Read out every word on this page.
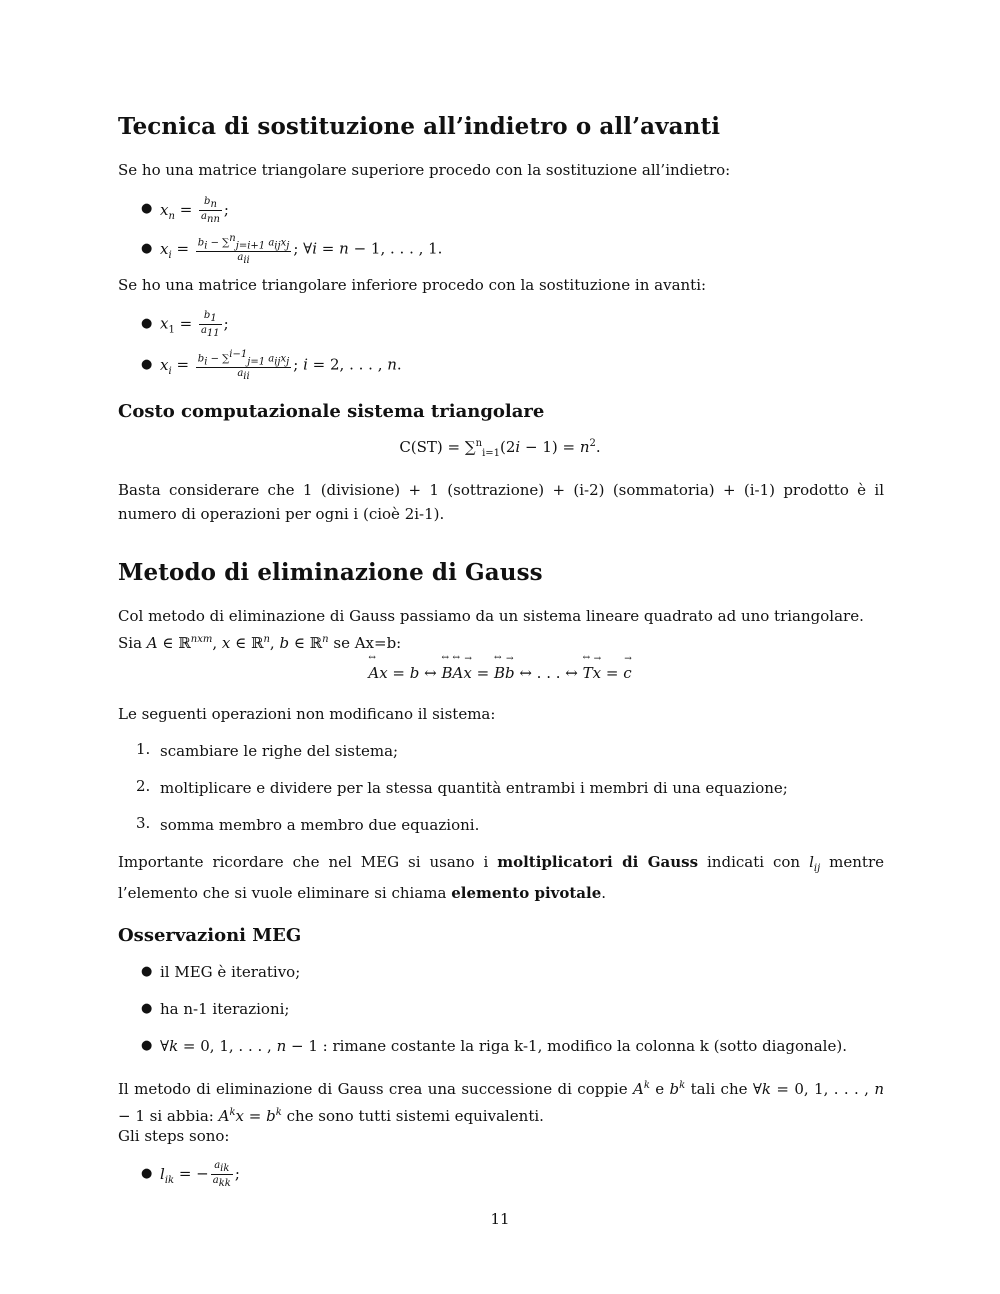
Tecnica di sostituzione all’indietro o all’avanti

Se ho una matrice triangolare superiore procedo con la sostituzione all’indietro:

● $x_n = \frac{b_n}{a_{nn}}$ ;
● $x_i = \frac{b_i - \sum^n_{j=i+1} a_{ij}x_j}{a_{ii}}$ ; ∀i = n − 1, . . . , 1.

Se ho una matrice triangolare inferiore procedo con la sostituzione in avanti:

● $x_1 = \frac{b_1}{a_{11}}$ ;
● $x_i = \frac{b_i - \sum^{i-1}_{j=1} a_{ij}x_j}{a_{ii}}$ ; i = 2, . . . , n.
Costo computazionale sistema triangolare
$C(ST) = \sum^n_{i=1}(2i - 1) = n^2$.

Basta considerare che 1 (divisione) + 1 (sottrazione) + (i-2) (sommatoria) + (i-1) prodotto è il numero di operazioni per ogni i (cioè 2i-1).

Metodo di eliminazione di Gauss

Col metodo di eliminazione di Gauss passiamo da un sistema lineare quadrato ad uno triangolare.

Sia A ∈ ℝ$^{nxm}$, x ∈ ℝ$^n$, b ∈ ℝ$^n$ se Ax=b:
↔ Ax = b ↔ ↔ B↔ A→ x = ↔ B→ b ↔ . . . ↔ ↔ T→ x = → c

Le seguenti operazioni non modificano il sistema:

1. scambiare le righe del sistema;
2. moltiplicare e dividere per la stessa quantità entrambi i membri di una equazione;
3. somma membro a membro due equazioni.

Importante ricordare che nel MEG si usano i moltiplicatori di Gauss indicati con $l_{ij}$ mentre l’elemento che si vuole eliminare si chiama elemento pivotale.

Osservazioni MEG
● il MEG è iterativo;
● ha n-1 iterazioni;
● ∀k = 0, 1, . . . , n − 1 : rimane costante la riga k-1, modifico la colonna k (sotto diagonale).

Il metodo di eliminazione di Gauss crea una successione di coppie $A^k$ e $b^k$ tali che ∀k = 0, 1, . . . , n − 1 si abbia: $A^kx = b^k$ che sono tutti sistemi equivalenti.

Gli steps sono:

● $l_{ik}$ = − $\frac{a_{ik}}{a_{kk}}$ ;
11
